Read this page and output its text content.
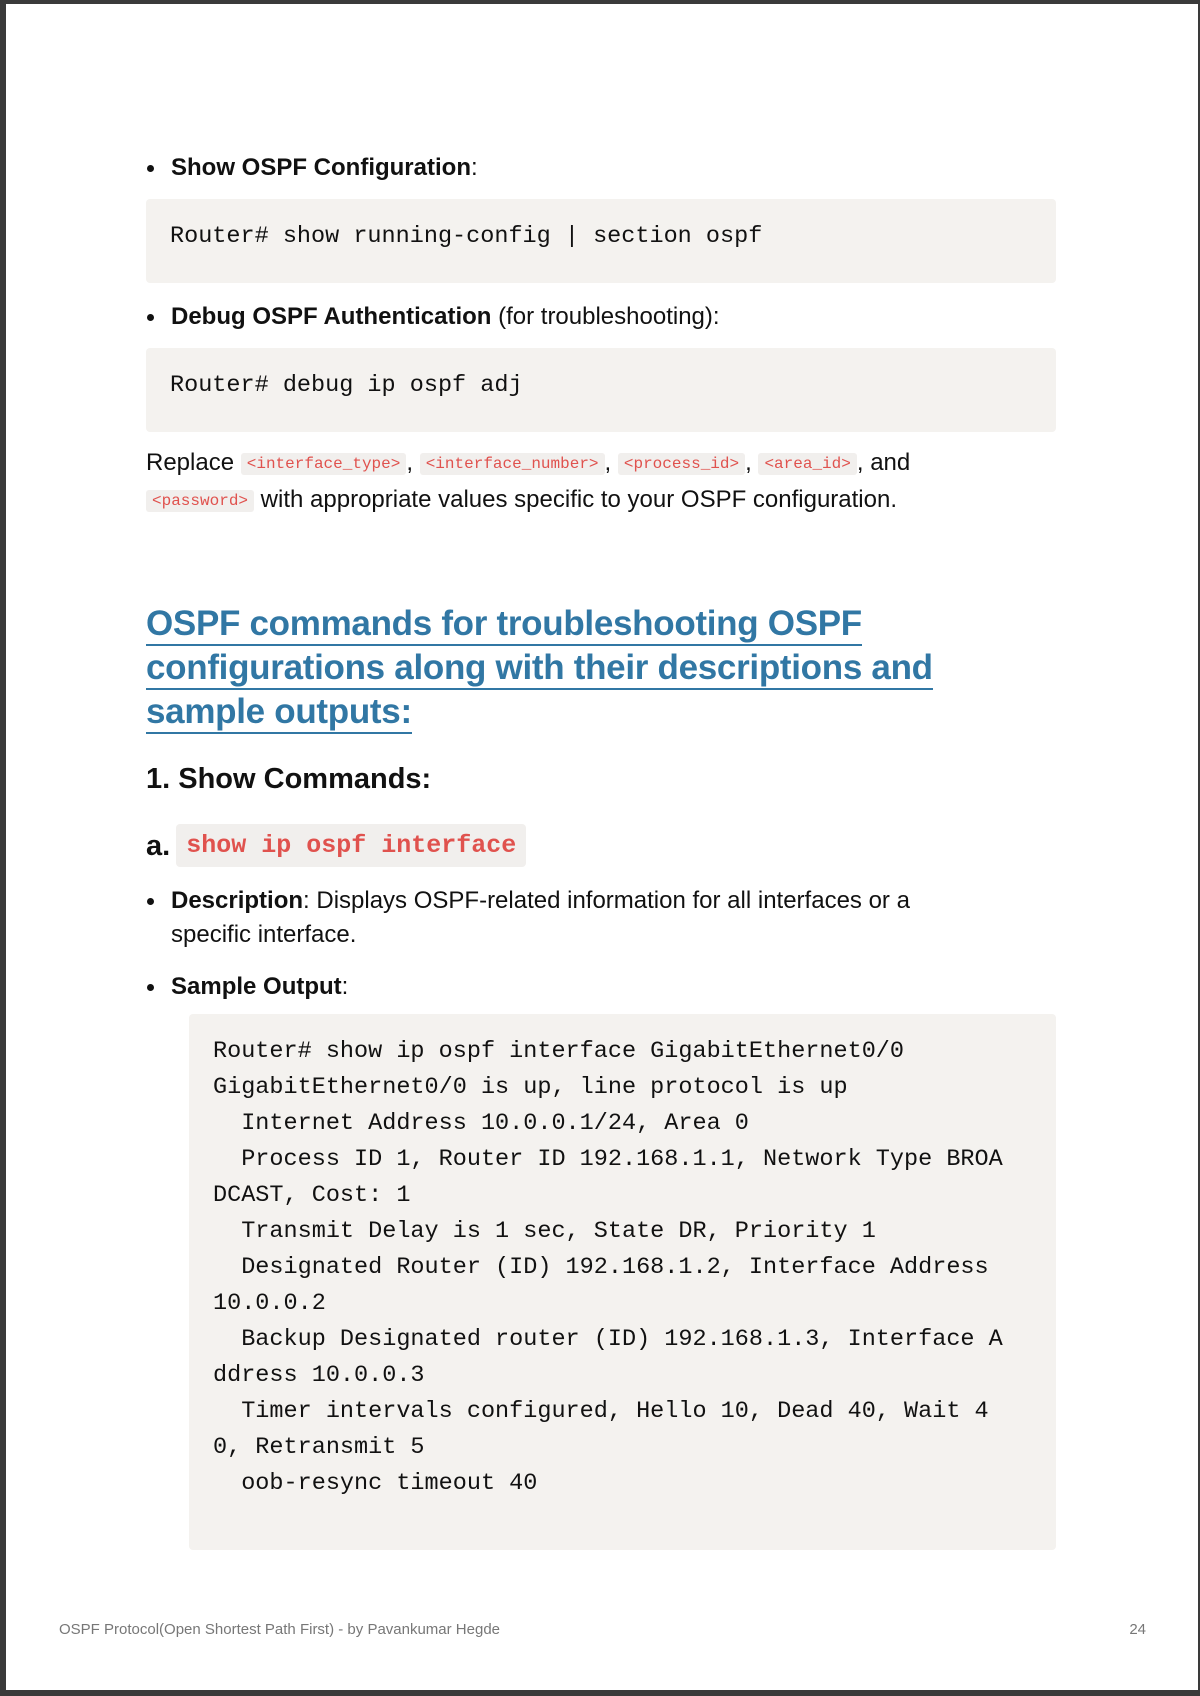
Show OSPF Configuration:
Router# show running-config | section ospf
Debug OSPF Authentication (for troubleshooting):
Router# debug ip ospf adj
Replace <interface_type> , <interface_number> , <process_id> , <area_id> , and
<password> with appropriate values specific to your OSPF configuration.
OSPF commands for troubleshooting OSPF
configurations along with their descriptions and
sample outputs:
1. Show Commands:
a. show ip ospf interface
Description: Displays OSPF-related information for all interfaces or a specific interface.
Sample Output:
Router# show ip ospf interface GigabitEthernet0/0
GigabitEthernet0/0 is up, line protocol is up
Internet Address 10.0.0.1/24, Area 0
Process ID 1, Router ID 192.168.1.1, Network Type BROA
DCAST, Cost: 1
Transmit Delay is 1 sec, State DR, Priority 1
Designated Router (ID) 192.168.1.2, Interface Address
10.0.0.2
Backup Designated router (ID) 192.168.1.3, Interface A
ddress 10.0.0.3
Timer intervals configured, Hello 10, Dead 40, Wait 4
0, Retransmit 5
oob-resync timeout 40
OSPF Protocol(Open Shortest Path First) - by Pavankumar Hegde	24
